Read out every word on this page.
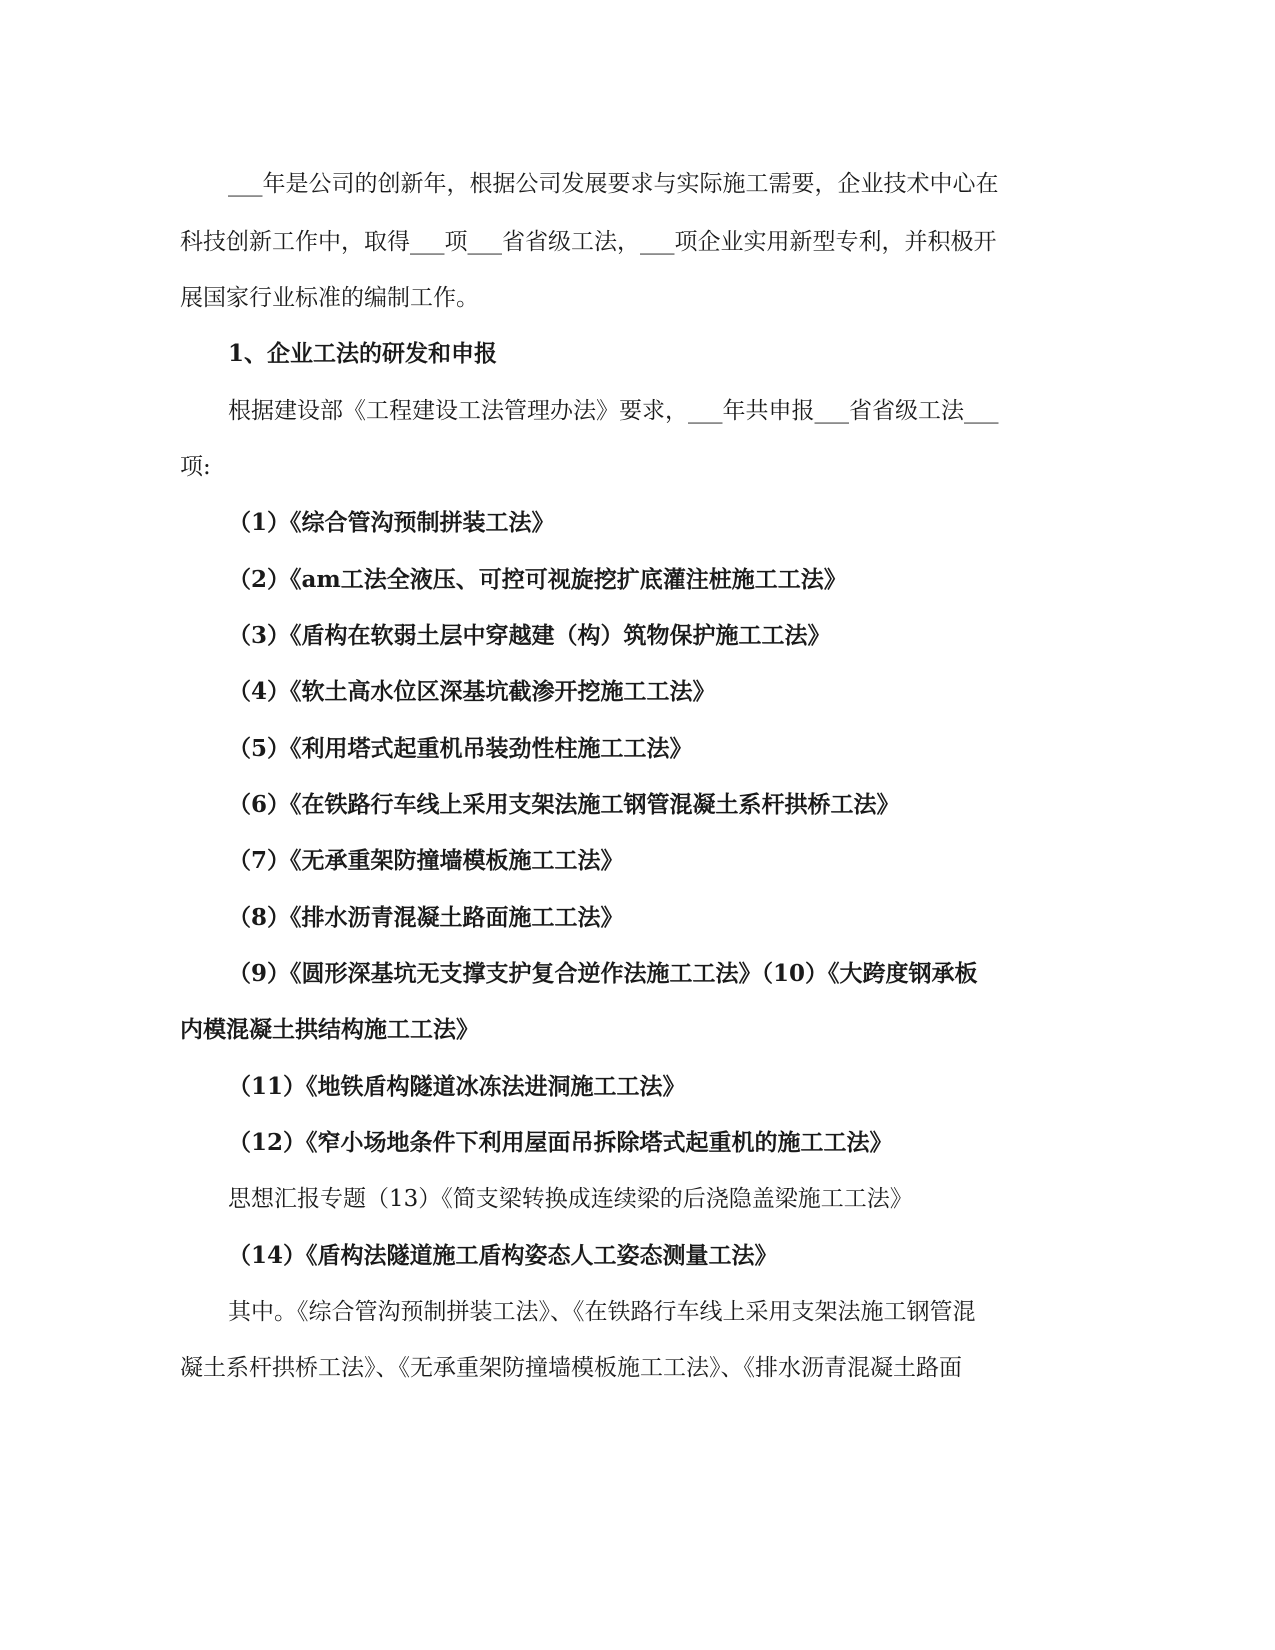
___年是公司的创新年，根据公司发展要求与实际施工需要，企业技术中心在
科技创新工作中，取得___项___省省级工法，___项企业实用新型专利，并积极开
展国家行业标准的编制工作。
1、企业工法的研发和申报
根据建设部《工程建设工法管理办法》要求，___年共申报___省省级工法___
项:
（1）《综合管沟预制拼装工法》
（2）《am工法全液压、可控可视旋挖扩底灌注桩施工工法》
（3）《盾构在软弱土层中穿越建（构）筑物保护施工工法》
（4）《软土高水位区深基坑截渗开挖施工工法》
（5）《利用塔式起重机吊装劲性柱施工工法》
（6）《在铁路行车线上采用支架法施工钢管混凝土系杆拱桥工法》
（7）《无承重架防撞墙模板施工工法》
（8）《排水沥青混凝土路面施工工法》
（9）《圆形深基坑无支撑支护复合逆作法施工工法》（10）《大跨度钢承板
内模混凝土拱结构施工工法》
（11）《地铁盾构隧道冰冻法进洞施工工法》
（12）《窄小场地条件下利用屋面吊拆除塔式起重机的施工工法》
思想汇报专题（13）《简支梁转换成连续梁的后浇隐盖梁施工工法》
（14）《盾构法隧道施工盾构姿态人工姿态测量工法》
其中。《综合管沟预制拼装工法》、《在铁路行车线上采用支架法施工钢管混
凝土系杆拱桥工法》、《无承重架防撞墙模板施工工法》、《排水沥青混凝土路面
